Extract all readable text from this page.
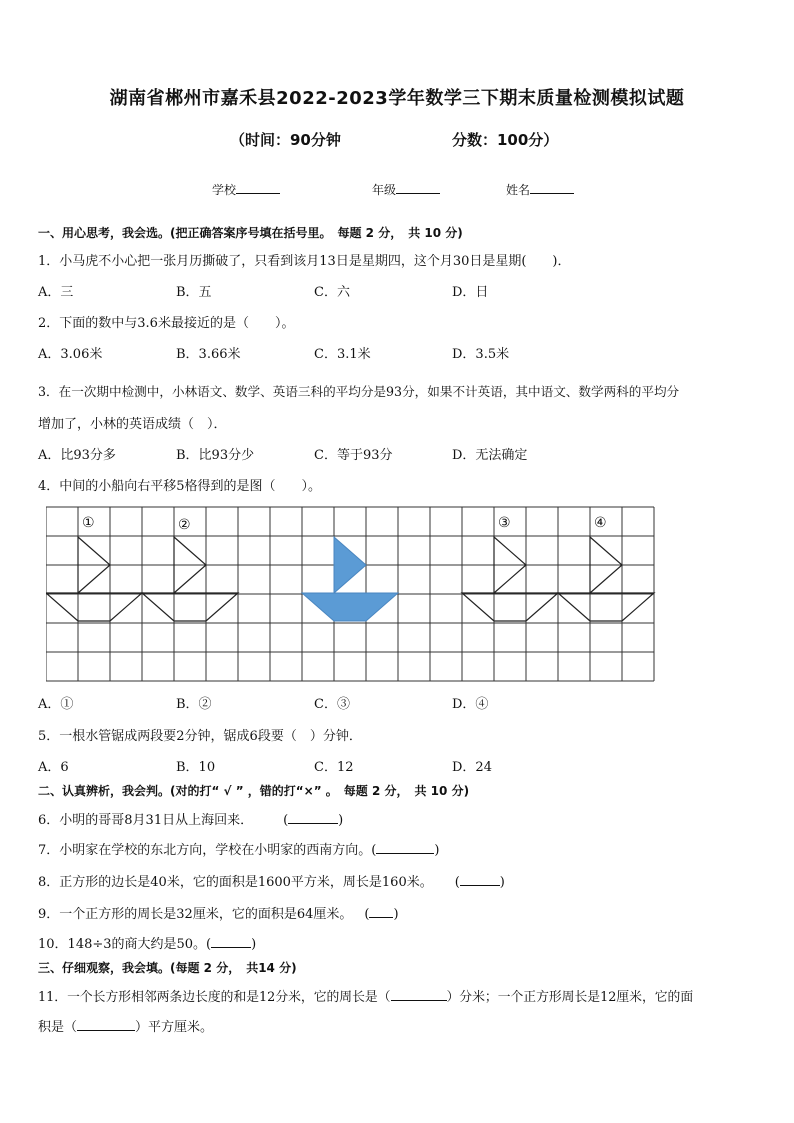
湖南省郴州市嘉禾县2022-2023学年数学三下期末质量检测模拟试题
（时间：90分钟	分数：100分）
学校	年级	姓名
一、用心思考，我会选。(把正确答案序号填在括号里。　每题 2 分，　共 10 分)
1．小马虎不小心把一张月历撕破了，只看到该月13日是星期四，这个月30日是星期(　　)．
A．三	B．五	C．六	D．日
2．下面的数中与3.6米最接近的是（　　）。
A．3.06米	B．3.66米	C．3.1米	D．3.5米
3．在一次期中检测中，小林语文、数学、英语三科的平均分是93分，如果不计英语，其中语文、数学两科的平均分
增加了，小林的英语成绩（　）．
A．比93分多	B．比93分少	C．等于93分	D．无法确定
4．中间的小船向右平移5格得到的是图（　　）。
①	②	③	④
A．①	B．②	C．③	D．④
5．一根水管锯成两段要2分钟，锯成6段要（　）分钟．
A．6	B．10	C．12	D．24
二、认真辨析，我会判。(对的打“ √ ” ，错的打“×” 。　每题 2 分，　共 10 分)
6．小明的哥哥8月31日从上海回来． (	)
7．小明家在学校的东北方向，学校在小明家的西南方向。(	)
8．正方形的边长是40米，它的面积是1600平方米，周长是160米。 (	)
9．一个正方形的周长是32厘米，它的面积是64厘米。 ( )
10．148÷3的商大约是50。(	)
三、仔细观察，我会填。(每题 2 分，　共14 分)
11．一个长方形相邻两条边长度的和是12分米，它的周长是（	）分米；一个正方形周长是12厘米，它的面
积是（	）平方厘米。
